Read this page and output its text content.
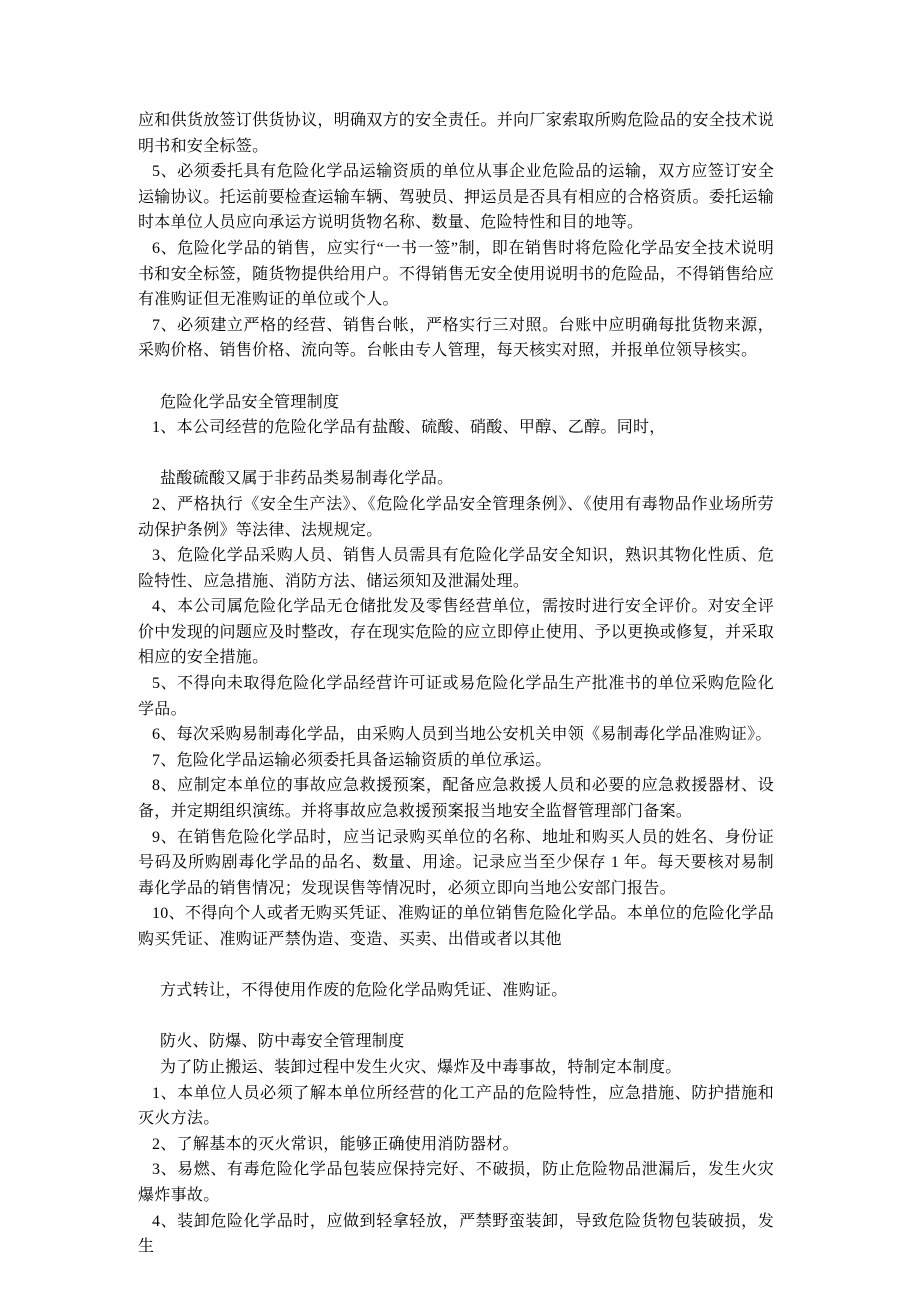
应和供货放签订供货协议，明确双方的安全责任。并向厂家索取所购危险品的安全技术说明书和安全标签。

5、必须委托具有危险化学品运输资质的单位从事企业危险品的运输，双方应签订安全运输协议。托运前要检查运输车辆、驾驶员、押运员是否具有相应的合格资质。委托运输时本单位人员应向承运方说明货物名称、数量、危险特性和目的地等。

6、危险化学品的销售，应实行“一书一签”制，即在销售时将危险化学品安全技术说明书和安全标签，随货物提供给用户。不得销售无安全使用说明书的危险品，不得销售给应有准购证但无准购证的单位或个人。

7、必须建立严格的经营、销售台帐，严格实行三对照。台账中应明确每批货物来源，采购价格、销售价格、流向等。台帐由专人管理，每天核实对照，并报单位领导核实。

危险化学品安全管理制度

1、本公司经营的危险化学品有盐酸、硫酸、硝酸、甲醇、乙醇。同时，

盐酸硫酸又属于非药品类易制毒化学品。

2、严格执行《安全生产法》、《危险化学品安全管理条例》、《使用有毒物品作业场所劳动保护条例》等法律、法规规定。

3、危险化学品采购人员、销售人员需具有危险化学品安全知识，熟识其物化性质、危险特性、应急措施、消防方法、储运须知及泄漏处理。

4、本公司属危险化学品无仓储批发及零售经营单位，需按时进行安全评价。对安全评价中发现的问题应及时整改，存在现实危险的应立即停止使用、予以更换或修复，并采取相应的安全措施。

5、不得向未取得危险化学品经营许可证或易危险化学品生产批准书的单位采购危险化学品。

6、每次采购易制毒化学品，由采购人员到当地公安机关申领《易制毒化学品准购证》。

7、危险化学品运输必须委托具备运输资质的单位承运。

8、应制定本单位的事故应急救援预案，配备应急救援人员和必要的应急救援器材、设备，并定期组织演练。并将事故应急救援预案报当地安全监督管理部门备案。

9、在销售危险化学品时，应当记录购买单位的名称、地址和购买人员的姓名、身份证号码及所购剧毒化学品的品名、数量、用途。记录应当至少保存 1 年。每天要核对易制毒化学品的销售情况；发现误售等情况时，必须立即向当地公安部门报告。

10、不得向个人或者无购买凭证、准购证的单位销售危险化学品。本单位的危险化学品购买凭证、准购证严禁伪造、变造、买卖、出借或者以其他

方式转让，不得使用作废的危险化学品购凭证、准购证。

防火、防爆、防中毒安全管理制度

为了防止搬运、装卸过程中发生火灾、爆炸及中毒事故，特制定本制度。

1、本单位人员必须了解本单位所经营的化工产品的危险特性，应急措施、防护措施和灭火方法。

2、了解基本的灭火常识，能够正确使用消防器材。

3、易燃、有毒危险化学品包装应保持完好、不破损，防止危险物品泄漏后，发生火灾爆炸事故。

4、装卸危险化学品时，应做到轻拿轻放，严禁野蛮装卸，导致危险货物包装破损，发生
